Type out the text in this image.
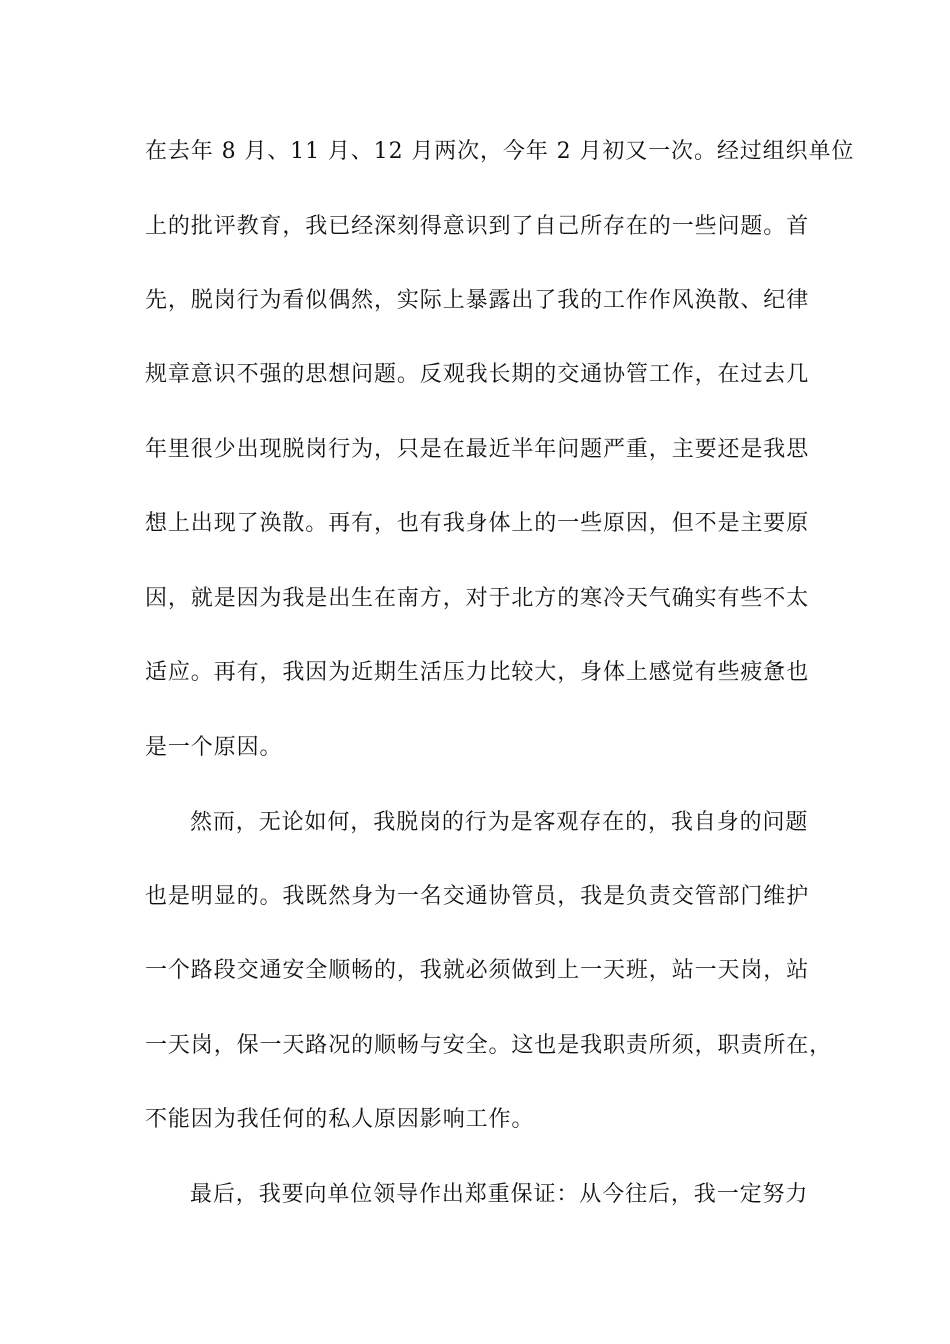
在去年 8 月、11 月、12 月两次，今年 2 月初又一次。经过组织单位
上的批评教育，我已经深刻得意识到了自己所存在的一些问题。首
先，脱岗行为看似偶然，实际上暴露出了我的工作作风涣散、纪律
规章意识不强的思想问题。反观我长期的交通协管工作，在过去几
年里很少出现脱岗行为，只是在最近半年问题严重，主要还是我思
想上出现了涣散。再有，也有我身体上的一些原因，但不是主要原
因，就是因为我是出生在南方，对于北方的寒冷天气确实有些不太
适应。再有，我因为近期生活压力比较大，身体上感觉有些疲惫也
是一个原因。
然而，无论如何，我脱岗的行为是客观存在的，我自身的问题
也是明显的。我既然身为一名交通协管员，我是负责交管部门维护
一个路段交通安全顺畅的，我就必须做到上一天班，站一天岗，站
一天岗，保一天路况的顺畅与安全。这也是我职责所须，职责所在，
不能因为我任何的私人原因影响工作。
最后，我要向单位领导作出郑重保证：从今往后，我一定努力
